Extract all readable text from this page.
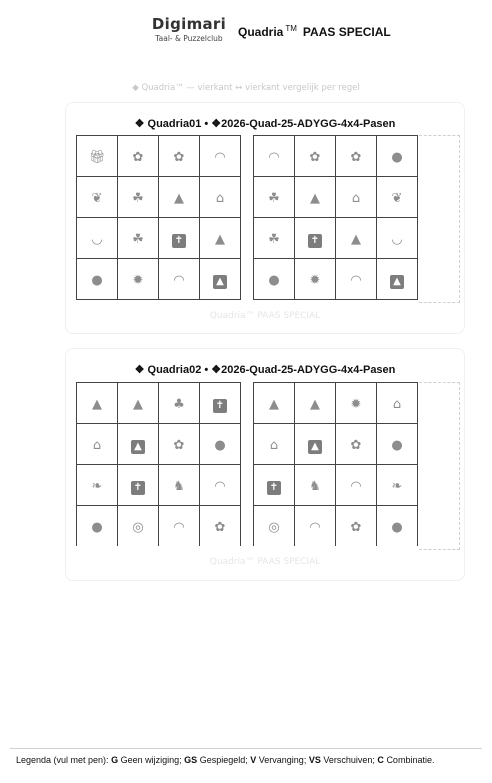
Digimari
Taal- & Puzzelclub	Quadria ™ PAAS SPECIAL
◆ Quadria™ — vierkant ↔ vierkant vergelijk per regel
❖ Quadria01 • ❖2026-Quad-25-ADYGG-4x4-Pasen
🎁︎	✿	✿	◠
❦	☘	▲	⌂
◡	☘	✝	▲
●	✹	◠	▲
◠	✿	✿	●
☘	▲	⌂	❦
☘	✝	▲	◡
●	✹	◠	▲
Quadria™ PAAS SPECIAL
❖ Quadria02 • ❖2026-Quad-25-ADYGG-4x4-Pasen
▲	▲	♣	✝
⌂	▲	✿	●
❧	✝	♞	◠
●	◎	◠	✿
▲	▲	✹	⌂
⌂	▲	✿	●
✝	♞	◠	❧
◎	◠	✿	●
Quadria™ PAAS SPECIAL
Legenda (vul met pen): G Geen wijziging; GS Gespiegeld; V Vervanging; VS Verschuiven; C Combinatie.
